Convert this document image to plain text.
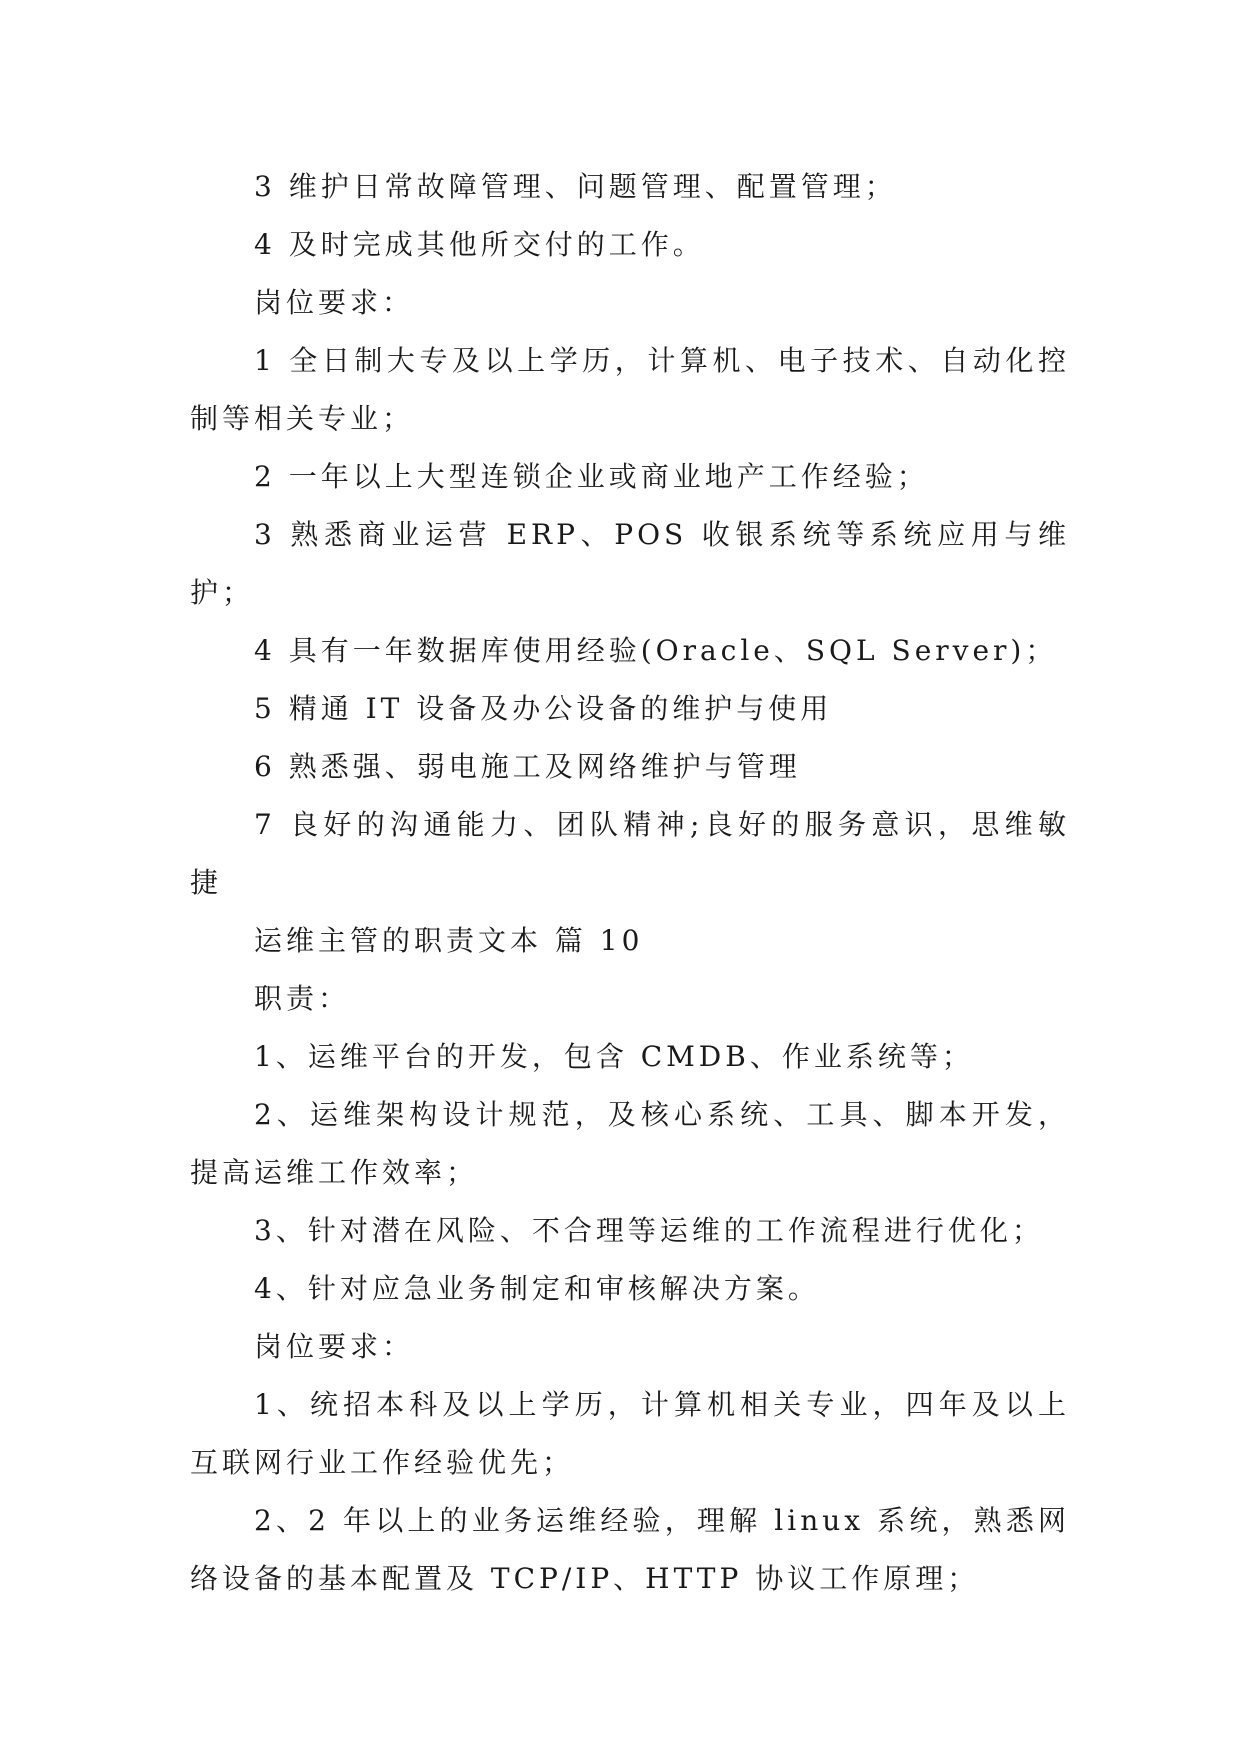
3 维护日常故障管理、问题管理、配置管理；

4 及时完成其他所交付的工作。

岗位要求：

1 全日制大专及以上学历，计算机、电子技术、自动化控制等相关专业；

2 一年以上大型连锁企业或商业地产工作经验；

3 熟悉商业运营 ERP、POS 收银系统等系统应用与维护；

4 具有一年数据库使用经验(Oracle、SQL Server)；

5 精通 IT 设备及办公设备的维护与使用

6 熟悉强、弱电施工及网络维护与管理

7 良好的沟通能力、团队精神;良好的服务意识，思维敏捷

运维主管的职责文本 篇 10

职责：

1、运维平台的开发，包含 CMDB、作业系统等；

2、运维架构设计规范，及核心系统、工具、脚本开发，提高运维工作效率；

3、针对潜在风险、不合理等运维的工作流程进行优化；

4、针对应急业务制定和审核解决方案。

岗位要求：

1、统招本科及以上学历，计算机相关专业，四年及以上互联网行业工作经验优先；

2、2 年以上的业务运维经验，理解 linux 系统，熟悉网络设备的基本配置及 TCP/IP、HTTP 协议工作原理；
